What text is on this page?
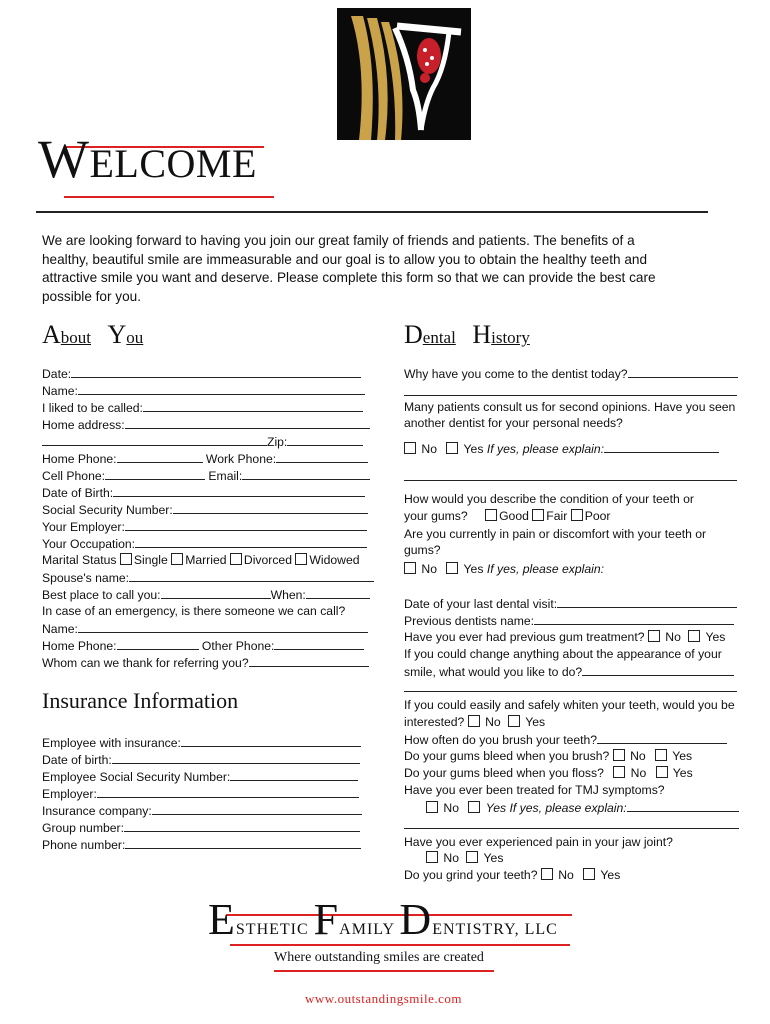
WELCOME
We are looking forward to having you join our great family of friends and patients. The benefits of a healthy, beautiful smile are immeasurable and our goal is to allow you to obtain the healthy teeth and attractive smile you want and deserve. Please complete this form so that we can provide the best care possible for you.
About You
Date:
Name:
I liked to be called:
Home address:
Zip:
Home Phone:	Work Phone:
Cell Phone:	Email:
Date of Birth:
Social Security Number:
Your Employer:
Your Occupation:
Marital Status Single Married Divorced Widowed
Spouse's name:
Best place to call you:	When:
In case of an emergency, is there someone we can call?
Name:
Home Phone:	Other Phone:
Whom can we thank for referring you?
Insurance Information
Employee with insurance:
Date of birth:
Employee Social Security Number:
Employer:
Insurance company:
Group number:
Phone number:
Dental History
Why have you come to the dentist today?
Many patients consult us for second opinions. Have you seen
another dentist for your personal needs?
No Yes If yes, please explain:
How would you describe the condition of your teeth or
your gums?	Good Fair Poor
Are you currently in pain or discomfort with your teeth or
gums?
No Yes If yes, please explain:
Date of your last dental visit:
Previous dentists name:
Have you ever had previous gum treatment? No Yes
If you could change anything about the appearance of your
smile, what would you like to do?
If you could easily and safely whiten your teeth, would you be
interested? No Yes
How often do you brush your teeth?
Do your gums bleed when you brush? No Yes
Do your gums bleed when you floss? No Yes
Have you ever been treated for TMJ symptoms?
No Yes If yes, please explain:
Have you ever experienced pain in your jaw joint?
No Yes
Do you grind your teeth? No Yes
ESTHETIC FAMILY DENTISTRY, LLC
Where outstanding smiles are created
www.outstandingsmile.com
